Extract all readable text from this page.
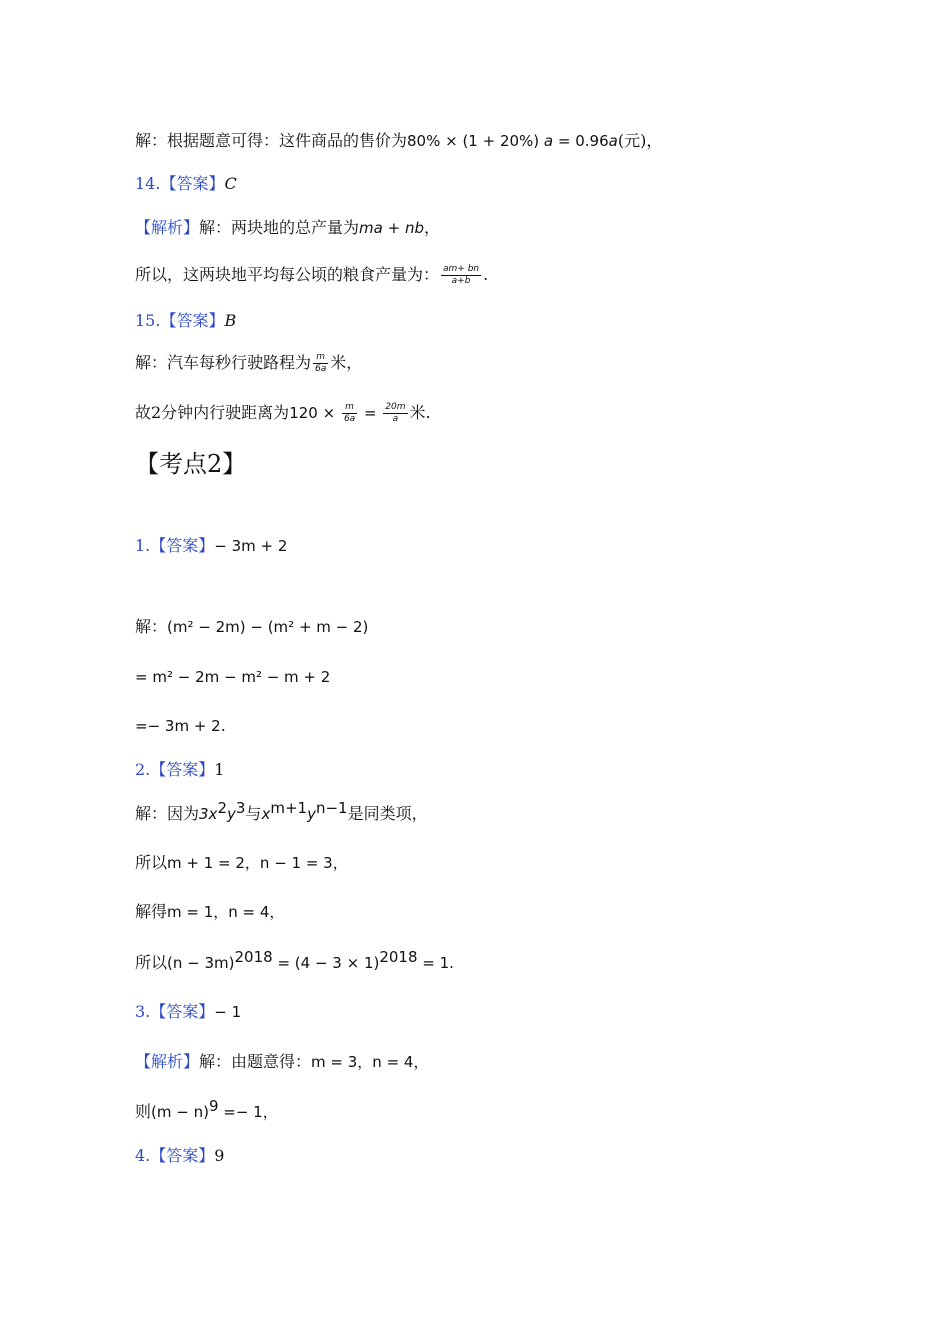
解：根据题意可得：这件商品的售价为80% × (1 + 20%) a = 0.96a(元)，
14.【答案】C
【解析】解：两块地的总产量为ma + nb，
所以，这两块地平均每公顷的粮食产量为： $\frac{am+ bn}{a+b}$ .
15.【答案】B
解：汽车每秒行驶路程为 $\frac{m}{6a}$ 米，
故2分钟内行驶距离为$120 \times \frac{m}{6a} = \frac{20m}{a}$ 米.
【考点2】
1.【答案】− 3m + 2
解：(m² − 2m) − (m² + m − 2)
= m² − 2m − m² − m + 2
=− 3m + 2.
2.【答案】1
解：因为$3x^2y^3$与$x^{m+1}y^{n-1}$是同类项，
所以m + 1 = 2，n − 1 = 3，
解得m = 1，n = 4，
所以$(n - 3m)^{2018} = (4 - 3 \times 1)^{2018} = 1$.
3.【答案】− 1
【解析】解：由题意得：m = 3，n = 4，
则$(m - n)^9 =- 1$，
4.【答案】9
